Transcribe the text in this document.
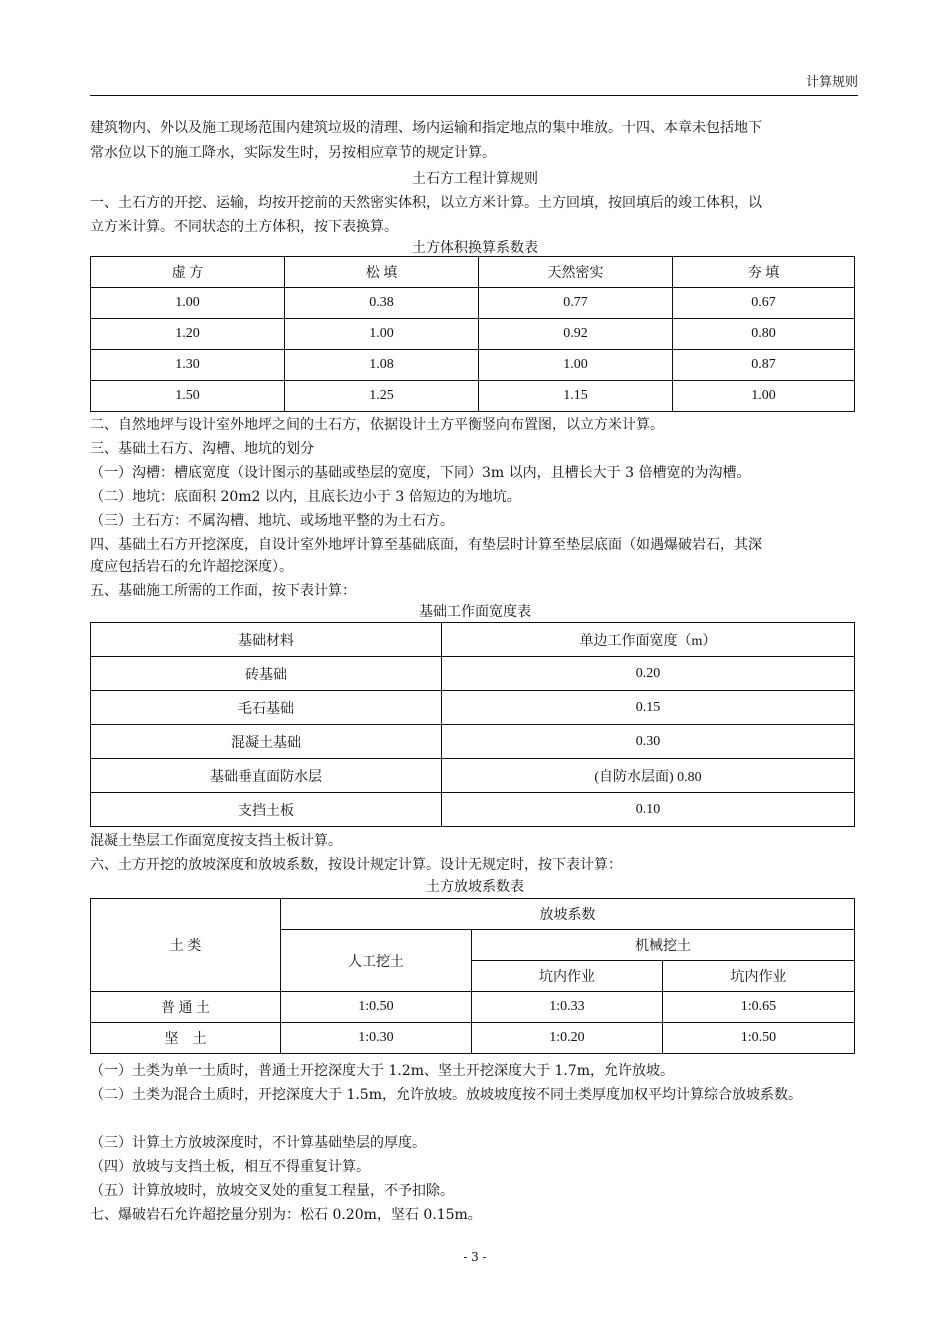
计算规则
建筑物内、外以及施工现场范围内建筑垃圾的清理、场内运输和指定地点的集中堆放。十四、本章未包括地下
常水位以下的施工降水，实际发生时，另按相应章节的规定计算。
土石方工程计算规则
一、土石方的开挖、运输，均按开挖前的天然密实体积，以立方米计算。土方回填，按回填后的竣工体积，以
立方米计算。不同状态的土方体积，按下表换算。
土方体积换算系数表
虚 方	松 填	天然密实	夯 填
1.00	0.38	0.77	0.67
1.20	1.00	0.92	0.80
1.30	1.08	1.00	0.87
1.50	1.25	1.15	1.00
二、自然地坪与设计室外地坪之间的土石方，依据设计土方平衡竖向布置图，以立方米计算。
三、基础土石方、沟槽、地坑的划分
（一）沟槽：槽底宽度（设计图示的基础或垫层的宽度，下同）3m 以内，且槽长大于 3 倍槽宽的为沟槽。
（二）地坑：底面积 20m2 以内，且底长边小于 3 倍短边的为地坑。
（三）土石方：不属沟槽、地坑、或场地平整的为土石方。
四、基础土石方开挖深度，自设计室外地坪计算至基础底面，有垫层时计算至垫层底面（如遇爆破岩石，其深
度应包括岩石的允许超挖深度）。
五、基础施工所需的工作面，按下表计算：
基础工作面宽度表
基础材料	单边工作面宽度（m）
砖基础	0.20
毛石基础	0.15
混凝土基础	0.30
基础垂直面防水层	(自防水层面) 0.80
支挡土板	0.10
混凝土垫层工作面宽度按支挡土板计算。
六、土方开挖的放坡深度和放坡系数，按设计规定计算。设计无规定时，按下表计算：
土方放坡系数表
土 类	放坡系数		
	人工挖土	机械挖土	
		坑内作业	坑内作业
普 通 土	1:0.50	1:0.33	1:0.65
坚    土	1:0.30	1:0.20	1:0.50
（一）土类为单一土质时，普通土开挖深度大于 1.2m、坚土开挖深度大于 1.7m，允许放坡。
（二）土类为混合土质时，开挖深度大于 1.5m，允许放坡。放坡坡度按不同土类厚度加权平均计算综合放坡系数。
（三）计算土方放坡深度时，不计算基础垫层的厚度。
（四）放坡与支挡土板，相互不得重复计算。
（五）计算放坡时，放坡交叉处的重复工程量，不予扣除。
七、爆破岩石允许超挖量分别为：松石 0.20m，坚石 0.15m。
- 3 -
